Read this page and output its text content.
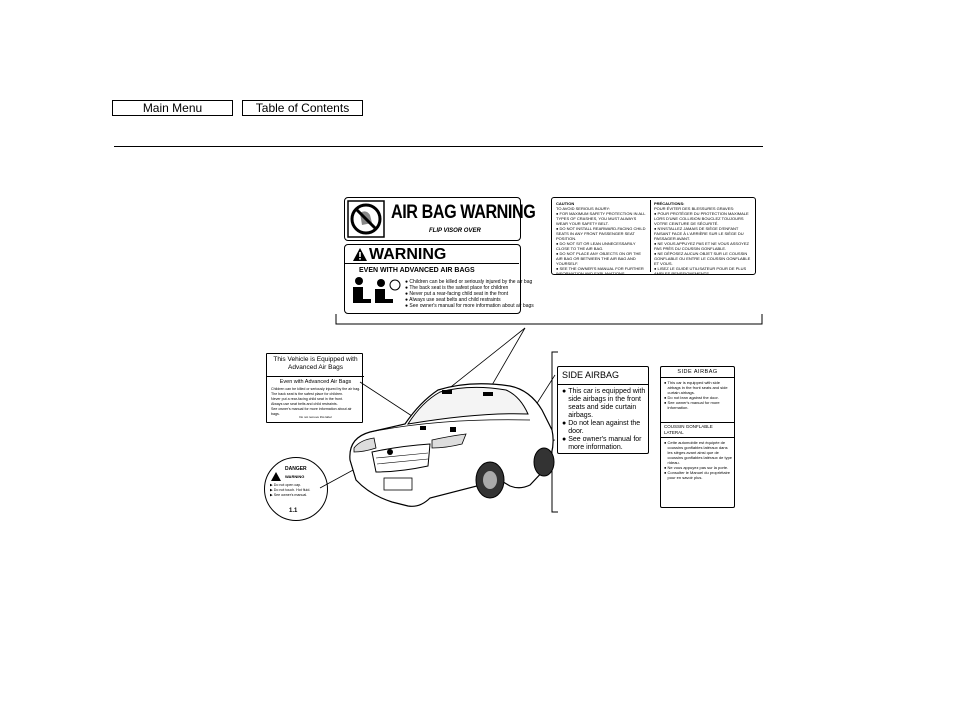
Main Menu	Table of Contents
AIR BAG WARNING
FLIP VISOR OVER
WARNING
EVEN WITH ADVANCED AIR BAGS
● Children can be killed or seriously injured by the air bag
● The back seat is the safest place for children
● Never put a rear-facing child seat in the front
● Always use seat belts and child restraints
● See owner's manual for more information about air bags
CAUTION
TO AVOID SERIOUS INJURY:
● FOR MAXIMUM SAFETY PROTECTION IN ALL TYPES OF CRASHES, YOU MUST ALWAYS WEAR YOUR SAFETY BELT.
● DO NOT INSTALL REARWARD-FACING CHILD SEATS IN ANY FRONT PASSENGER SEAT POSITION.
● DO NOT SIT OR LEAN UNNECESSARILY CLOSE TO THE AIR BAG.
● DO NOT PLACE ANY OBJECTS ON OR THE AIR BAG OR BETWEEN THE AIR BAG AND YOURSELF.
● SEE THE OWNER'S MANUAL FOR FURTHER INFORMATION AND EXPLANATIONS.
PRÉCAUTIONS:
POUR ÉVITER DES BLESSURES GRAVES:
● POUR PROTÉGER DU PROTECTION MAXIMALE LORS D'UNE COLLISION BOUCLEZ TOUJOURS VOTRE CEINTURE DE SÉCURITÉ.
● N'INSTALLEZ JAMAIS DE SIÈGE D'ENFANT FAISANT FACE À L'ARRIÈRE SUR LE SIÈGE DU PASSAGER AVANT.
● NE VOUS APPUYEZ PAS ET NE VOUS ASSOYEZ PAS PRÈS DU COUSSIN GONFLABLE.
● NE DÉPOSEZ AUCUN OBJET SUR LE COUSSIN GONFLABLE OU ENTRE LE COUSSIN GONFLABLE ET VOUS.
● LISEZ LE GUIDE UTILISATEUR POUR DE PLUS AMPLES RENSEIGNEMENTS.
This Vehicle is Equipped with
Advanced Air Bags
Even with Advanced Air Bags
Children can be killed or seriously injured by the air bag.
The back seat is the safest place for children.
Never put a rear-facing child seat in the front.
Always use seat belts and child restraints.
See owner's manual for more information about air bags.
Do not remove this label
DANGER
WARNING
▶ Do not open cap.
▶ Do not touch. Hot fluid.
▶ See owner's manual.
1.1
SIDE AIRBAG
● This car is equipped with side airbags in the front seats and side curtain airbags.
● Do not lean against the door.
● See owner's manual for more information.
SIDE AIRBAG
● This car is equipped with side airbags in the front seats and side curtain airbags.
● Do not lean against the door.
● See owner's manual for more information.
COUSSIN GONFLABLE LATERAL
● Cette automobile est équipée de coussins gonflables latéraux dans les sièges avant ainsi que de coussins gonflables latéraux de type rideau.
● Ne vous appuyez pas sur la porte.
● Consulter le Manuel du propriétaire pour en savoir plus.
